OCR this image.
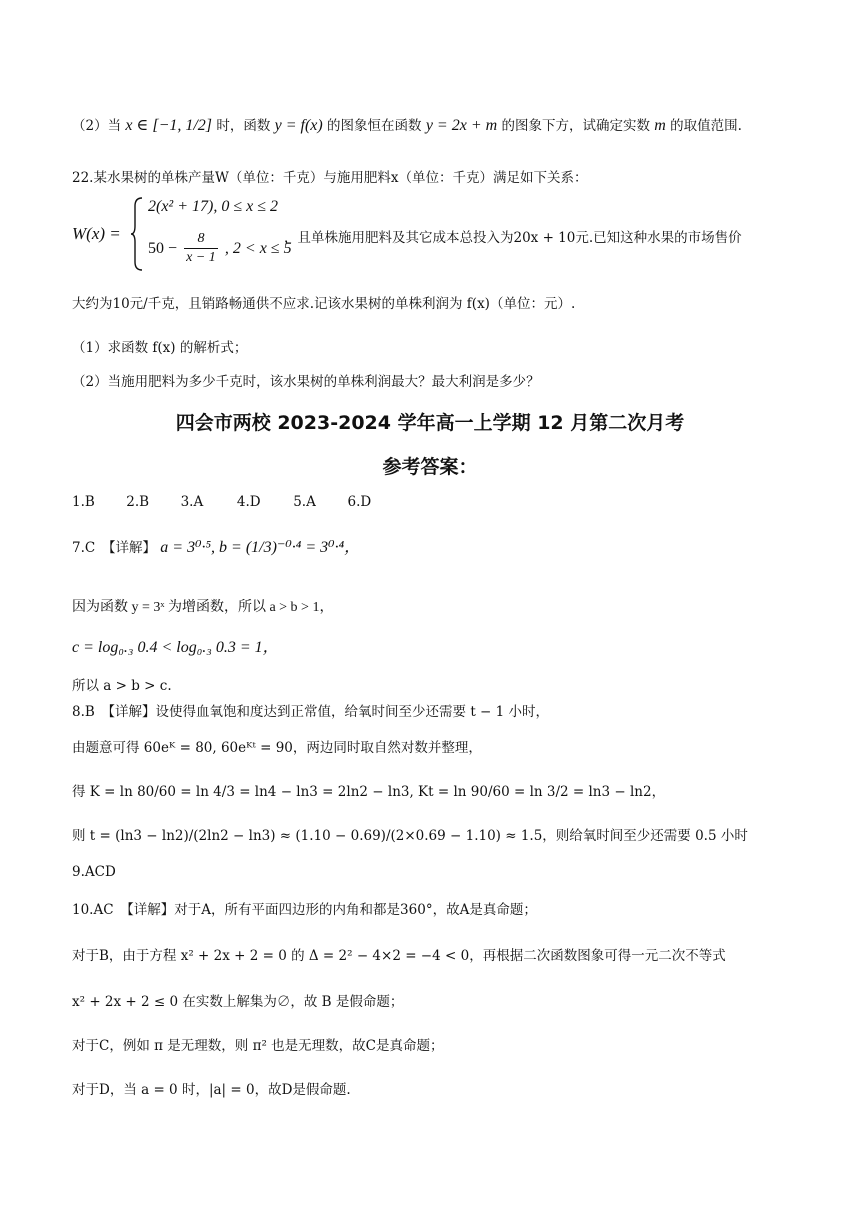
（2）当 x ∈ [−1, 1/2] 时，函数 y = f(x) 的图象恒在函数 y = 2x + m 的图象下方，试确定实数 m 的取值范围.
22.某水果树的单株产量W（单位：千克）与施用肥料x（单位：千克）满足如下关系：
W(x) =
2(x² + 17), 0 ≤ x ≤ 2
$50 - \frac{8}{x - 1}$ , 2 < x ≤ 5
，且单株施用肥料及其它成本总投入为20x + 10元.已知这种水果的市场售价
大约为10元/千克，且销路畅通供不应求.记该水果树的单株利润为 f(x)（单位：元）.
（1）求函数 f(x) 的解析式；
（2）当施用肥料为多少千克时，该水果树的单株利润最大？最大利润是多少？
四会市两校 2023-2024 学年高一上学期 12 月第二次月考
参考答案：
1.B 2.B 3.A 4.D 5.A 6.D
7.C　【详解】 a = 3⁰·⁵, b = (1/3)⁻⁰·⁴ = 3⁰·⁴，
因为函数 y = 3ˣ 为增函数，所以 a > b > 1，
c = log₀.₃ 0.4 < log₀.₃ 0.3 = 1，
所以 a > b > c.
8.B　【详解】设使得血氧饱和度达到正常值，给氧时间至少还需要 t − 1 小时，
由题意可得 60eᴷ = 80, 60eᴷᵗ = 90，两边同时取自然对数并整理，
得 K = ln 80/60 = ln 4/3 = ln4 − ln3 = 2ln2 − ln3, Kt = ln 90/60 = ln 3/2 = ln3 − ln2，
则 t = (ln3 − ln2)/(2ln2 − ln3) ≈ (1.10 − 0.69)/(2×0.69 − 1.10) ≈ 1.5，则给氧时间至少还需要 0.5 小时
9.ACD
10.AC　【详解】对于A，所有平面四边形的内角和都是360°，故A是真命题；
对于B，由于方程 x² + 2x + 2 = 0 的 Δ = 2² − 4×2 = −4 < 0，再根据二次函数图象可得一元二次不等式
x² + 2x + 2 ≤ 0 在实数上解集为∅，故 B 是假命题；
对于C，例如 π 是无理数，则 π² 也是无理数，故C是真命题；
对于D，当 a = 0 时，|a| = 0，故D是假命题.
